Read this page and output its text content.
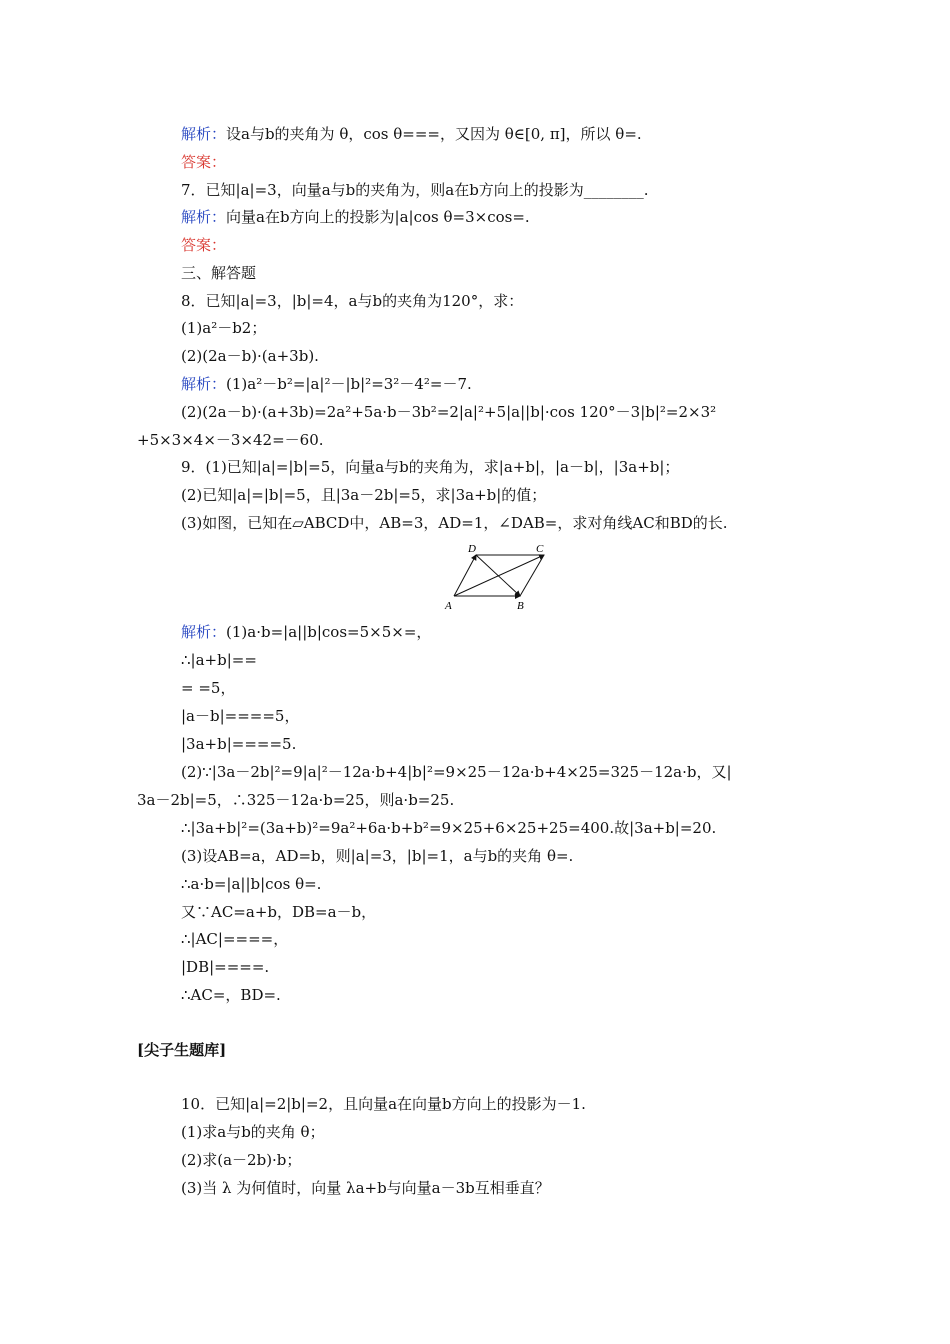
解析：设a与b的夹角为 θ，cos θ===，又因为 θ∈[0, π]，所以 θ=.
答案：
7．已知|a|=3，向量a与b的夹角为，则a在b方向上的投影为________.
解析：向量a在b方向上的投影为|a|cos θ=3×cos=.
答案：
三、解答题
8．已知|a|=3，|b|=4，a与b的夹角为120°，求：
(1)a²－b2；
(2)(2a－b)·(a+3b).
解析：(1)a²－b²=|a|²－|b|²=3²－4²=－7.
(2)(2a－b)·(a+3b)=2a²+5a·b－3b²=2|a|²+5|a||b|·cos 120°－3|b|²=2×3²
+5×3×4×－3×42=－60.
9．(1)已知|a|=|b|=5，向量a与b的夹角为，求|a+b|，|a－b|，|3a+b|；
(2)已知|a|=|b|=5，且|3a－2b|=5，求|3a+b|的值；
(3)如图，已知在▱ABCD中，AB=3，AD=1，∠DAB=，求对角线AC和BD的长.
A	B
C
D
解析：(1)a·b=|a||b|cos=5×5×=，
∴|a+b|==
= =5，
|a－b|====5，
|3a+b|====5.
(2)∵|3a－2b|²=9|a|²－12a·b+4|b|²=9×25－12a·b+4×25=325－12a·b，又|
3a－2b|=5，∴325－12a·b=25，则a·b=25.
∴|3a+b|²=(3a+b)²=9a²+6a·b+b²=9×25+6×25+25=400.故|3a+b|=20.
(3)设AB=a，AD=b，则|a|=3，|b|=1，a与b的夹角 θ=.
∴a·b=|a||b|cos θ=.
又∵AC=a+b，DB=a－b，
∴|AC|====，
|DB|====.
∴AC=，BD=.
[尖子生题库]
10．已知|a|=2|b|=2，且向量a在向量b方向上的投影为－1.
(1)求a与b的夹角 θ；
(2)求(a－2b)·b；
(3)当 λ 为何值时，向量 λa+b与向量a－3b互相垂直？
